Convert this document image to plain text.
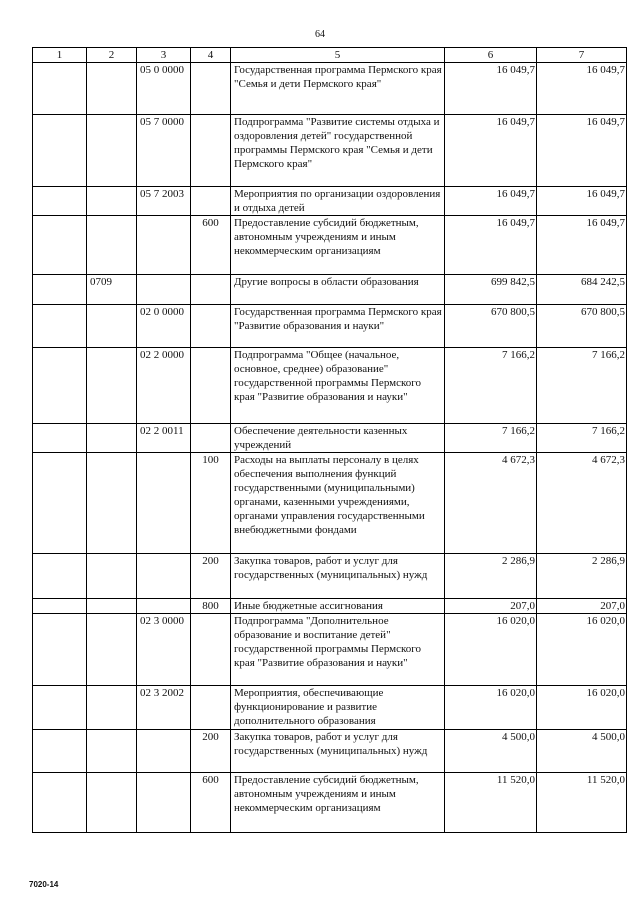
64
1	2	3	4	5	6	7
		05 0 0000		Государственная программа Пермского края "Семья и дети Пермского края"	16 049,7	16 049,7
		05 7 0000		Подпрограмма "Развитие системы отдыха и оздоровления детей" государственной программы Пермского края "Семья и дети Пермского края"	16 049,7	16 049,7
		05 7 2003		Мероприятия по организации оздоровления и отдыха детей	16 049,7	16 049,7
			600	Предоставление субсидий бюджетным, автономным учреждениям и иным некоммерческим организациям	16 049,7	16 049,7
	0709			Другие вопросы в области образования	699 842,5	684 242,5
		02 0 0000		Государственная программа Пермского края "Развитие образования и науки"	670 800,5	670 800,5
		02 2 0000		Подпрограмма "Общее (начальное, основное, среднее) образование" государственной программы Пермского края "Развитие образования и науки"	7 166,2	7 166,2
		02 2 0011		Обеспечение деятельности казенных учреждений	7 166,2	7 166,2
			100	Расходы на выплаты персоналу в целях обеспечения выполнения функций государственными (муниципальными) органами, казенными учреждениями, органами управления государственными внебюджетными фондами	4 672,3	4 672,3
			200	Закупка товаров, работ и услуг для государственных (муниципальных) нужд	2 286,9	2 286,9
			800	Иные бюджетные ассигнования	207,0	207,0
		02 3 0000		Подпрограмма "Дополнительное образование и воспитание детей" государственной программы Пермского края "Развитие образования и науки"	16 020,0	16 020,0
		02 3 2002		Мероприятия, обеспечивающие функционирование и развитие дополнительного образования	16 020,0	16 020,0
			200	Закупка товаров, работ и услуг для государственных (муниципальных) нужд	4 500,0	4 500,0
			600	Предоставление субсидий бюджетным, автономным учреждениям и иным некоммерческим организациям	11 520,0	11 520,0
7020-14
